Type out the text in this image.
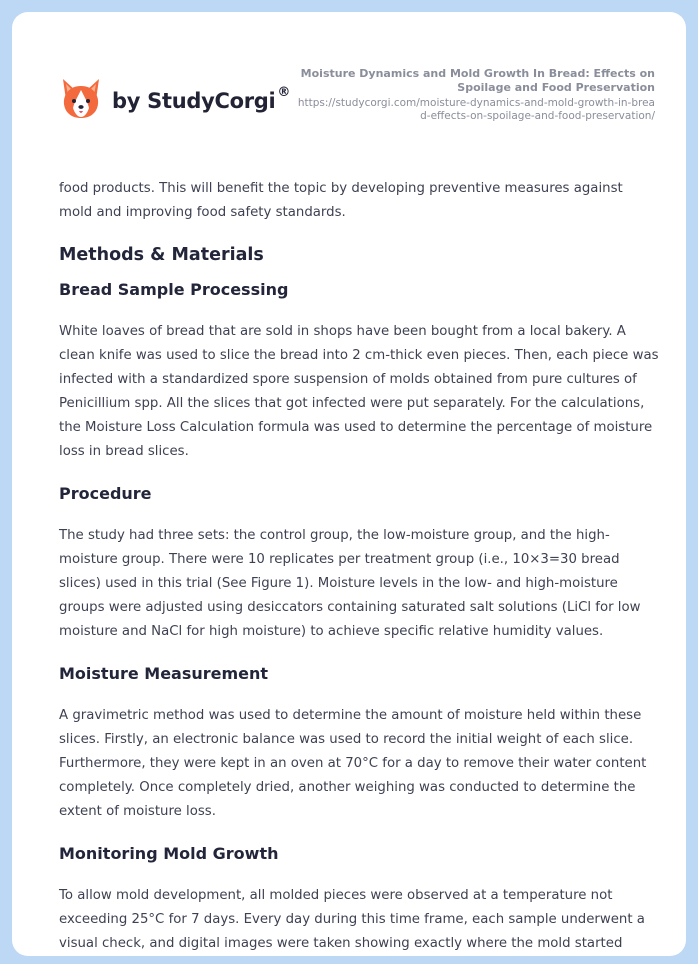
by StudyCorgi ®
Moisture Dynamics and Mold Growth In Bread: Effects on Spoilage and Food Preservation
https://studycorgi.com/moisture-dynamics-and-mold-growth-in-bread-effects-on-spoilage-and-food-preservation/

food products. This will benefit the topic by developing preventive measures against mold and improving food safety standards.

Methods & Materials
Bread Sample Processing

White loaves of bread that are sold in shops have been bought from a local bakery. A clean knife was used to slice the bread into 2 cm-thick even pieces. Then, each piece was infected with a standardized spore suspension of molds obtained from pure cultures of Penicillium spp. All the slices that got infected were put separately. For the calculations, the Moisture Loss Calculation formula was used to determine the percentage of moisture loss in bread slices.

Procedure

The study had three sets: the control group, the low-moisture group, and the high-moisture group. There were 10 replicates per treatment group (i.e., 10×3=30 bread slices) used in this trial (See Figure 1). Moisture levels in the low- and high-moisture groups were adjusted using desiccators containing saturated salt solutions (LiCl for low moisture and NaCl for high moisture) to achieve specific relative humidity values.

Moisture Measurement

A gravimetric method was used to determine the amount of moisture held within these slices. Firstly, an electronic balance was used to record the initial weight of each slice. Furthermore, they were kept in an oven at 70°C for a day to remove their water content completely. Once completely dried, another weighing was conducted to determine the extent of moisture loss.

Monitoring Mold Growth

To allow mold development, all molded pieces were observed at a temperature not exceeding 25°C for 7 days. Every day during this time frame, each sample underwent a visual check, and digital images were taken showing exactly where the mold started
